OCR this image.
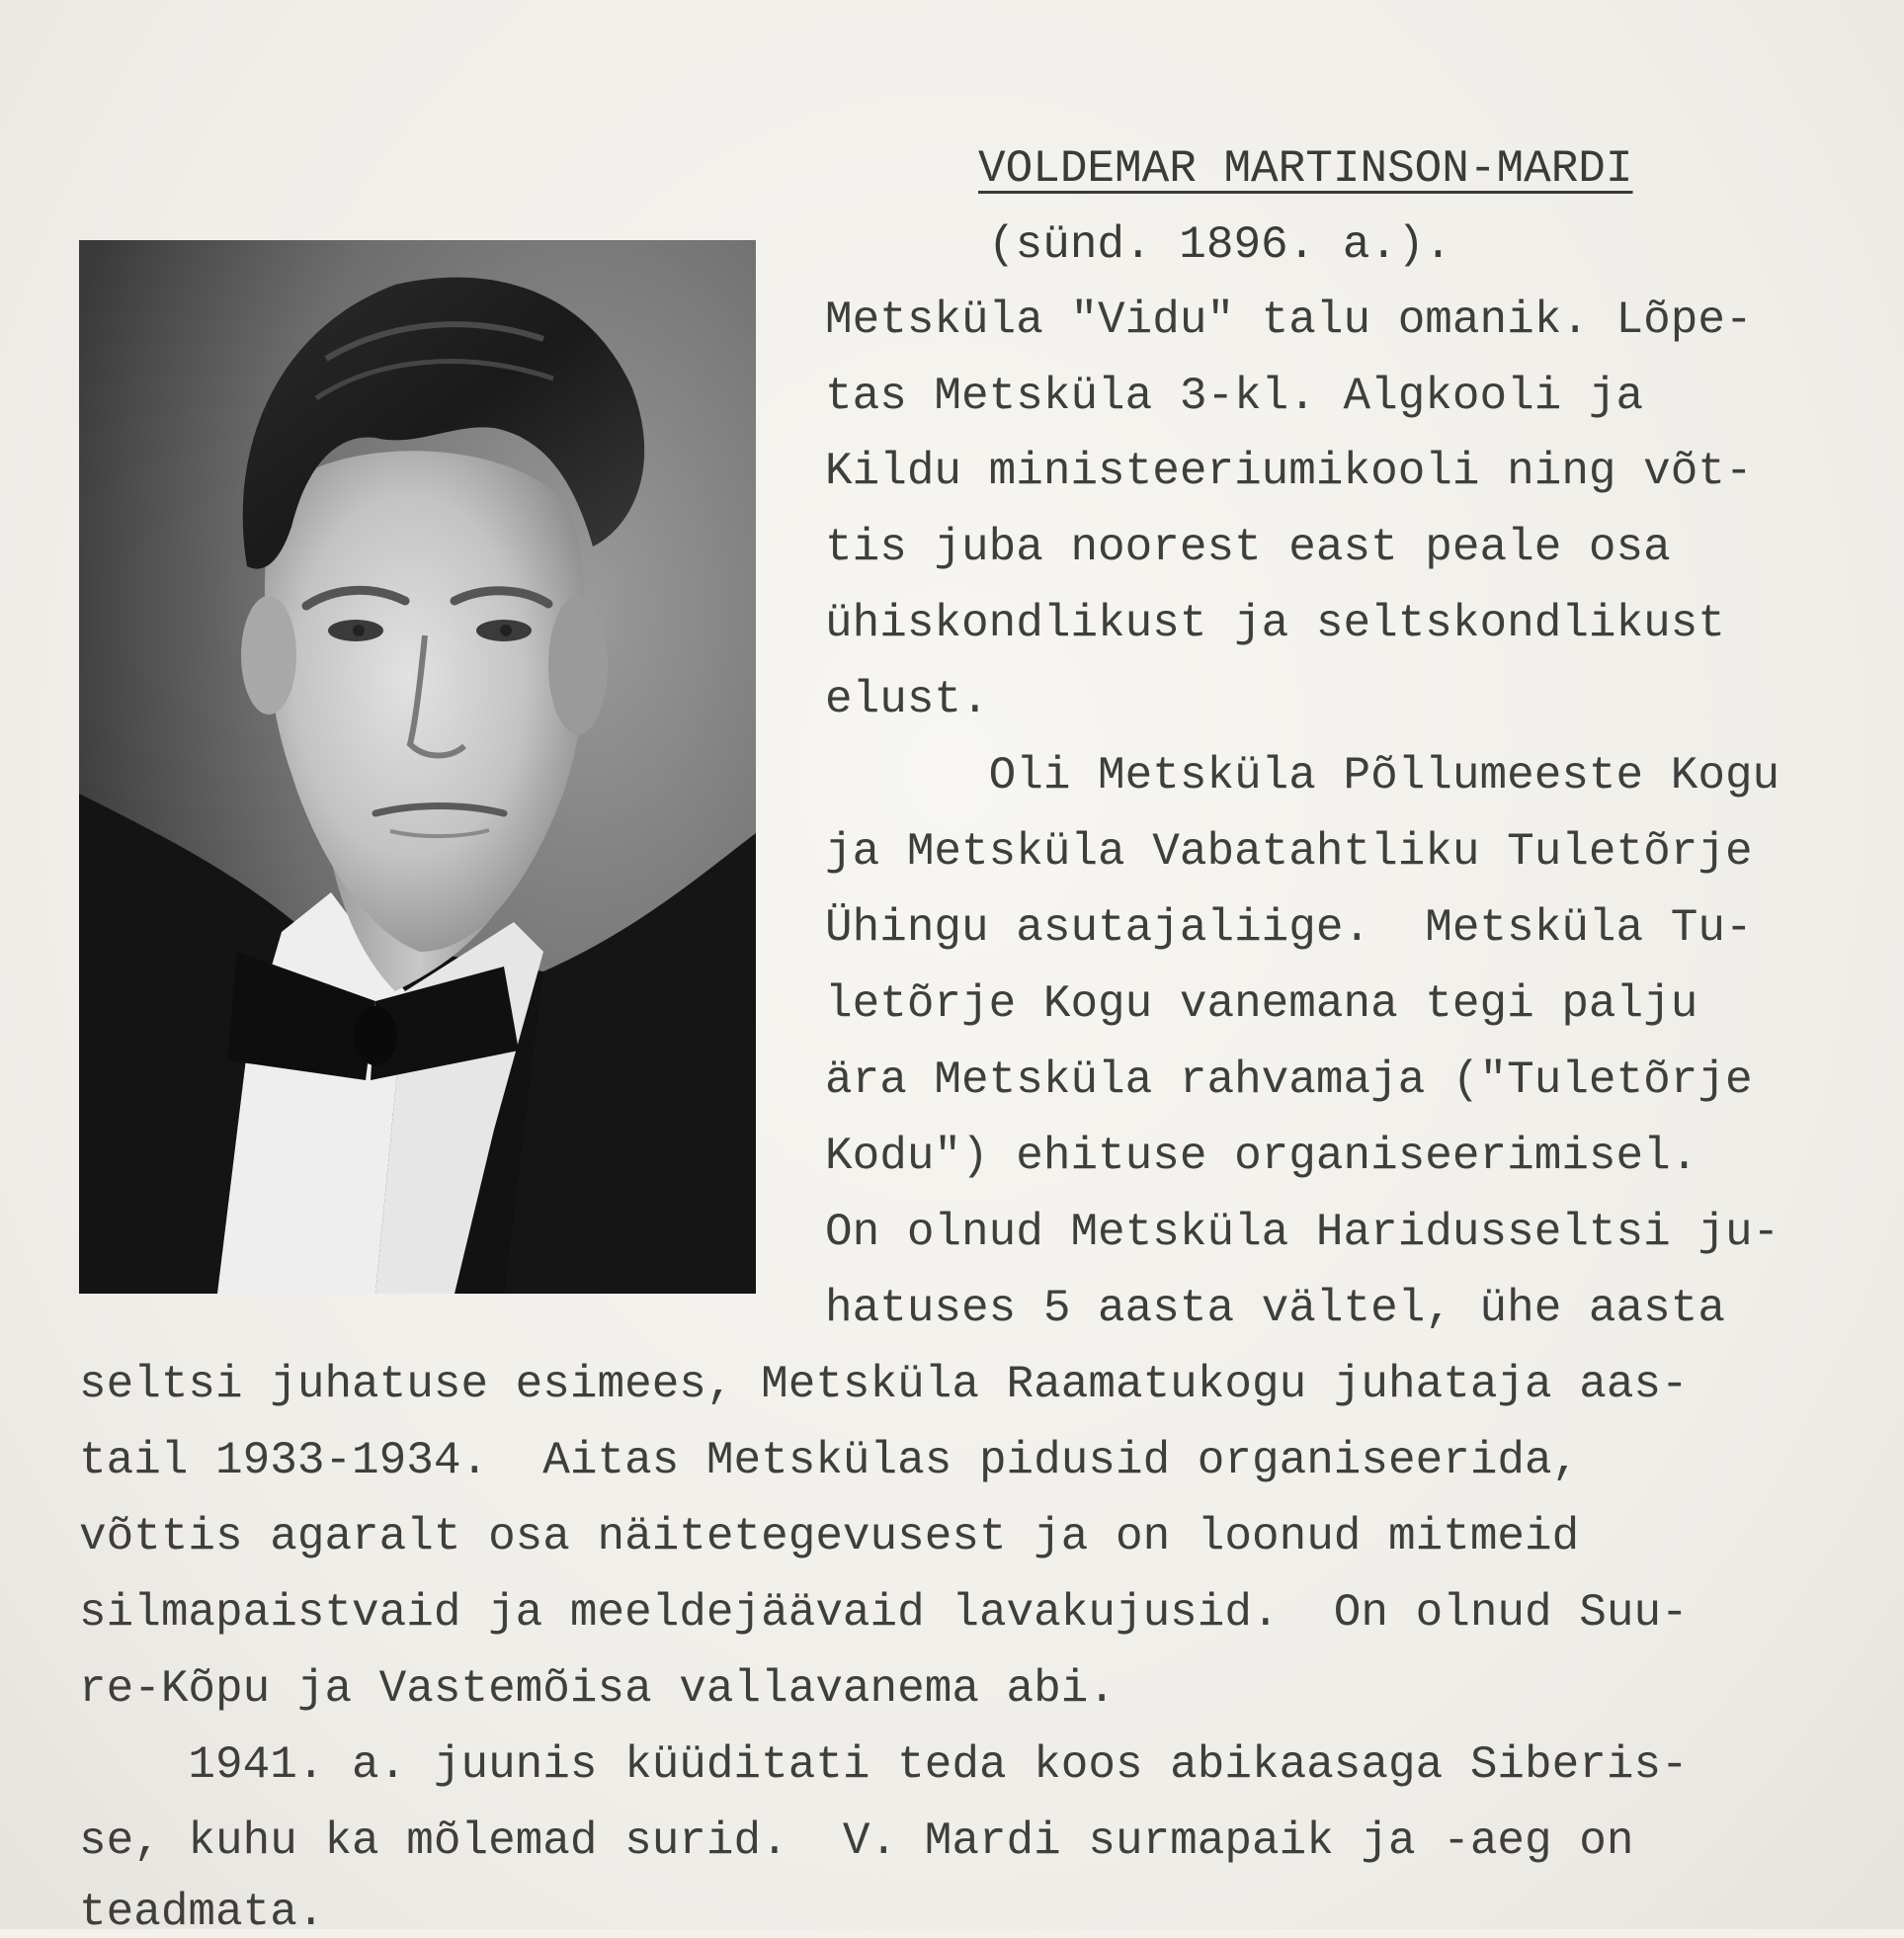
VOLDEMAR MARTINSON-MARDI
(sünd. 1896. a.).
Metsküla "Vidu" talu omanik. Lõpe-
tas Metsküla 3-kl. Algkooli ja
Kildu ministeeriumikooli ning võt-
tis juba noorest east peale osa
ühiskondlikust ja seltskondlikust
elust.
Oli Metsküla Põllumeeste Kogu
ja Metsküla Vabatahtliku Tuletõrje
Ühingu asutajaliige.  Metsküla Tu-
letõrje Kogu vanemana tegi palju
ära Metsküla rahvamaja ("Tuletõrje
Kodu") ehituse organiseerimisel.
On olnud Metsküla Haridusseltsi ju-
hatuses 5 aasta vältel, ühe aasta
seltsi juhatuse esimees, Metsküla Raamatukogu juhataja aas-
tail 1933-1934.  Aitas Metskülas pidusid organiseerida,
võttis agaralt osa näitetegevusest ja on loonud mitmeid
silmapaistvaid ja meeldejäävaid lavakujusid.  On olnud Suu-
re-Kõpu ja Vastemõisa vallavanema abi.
1941. a. juunis küüditati teda koos abikaasaga Siberis-
se, kuhu ka mõlemad surid.  V. Mardi surmapaik ja -aeg on
teadmata.
